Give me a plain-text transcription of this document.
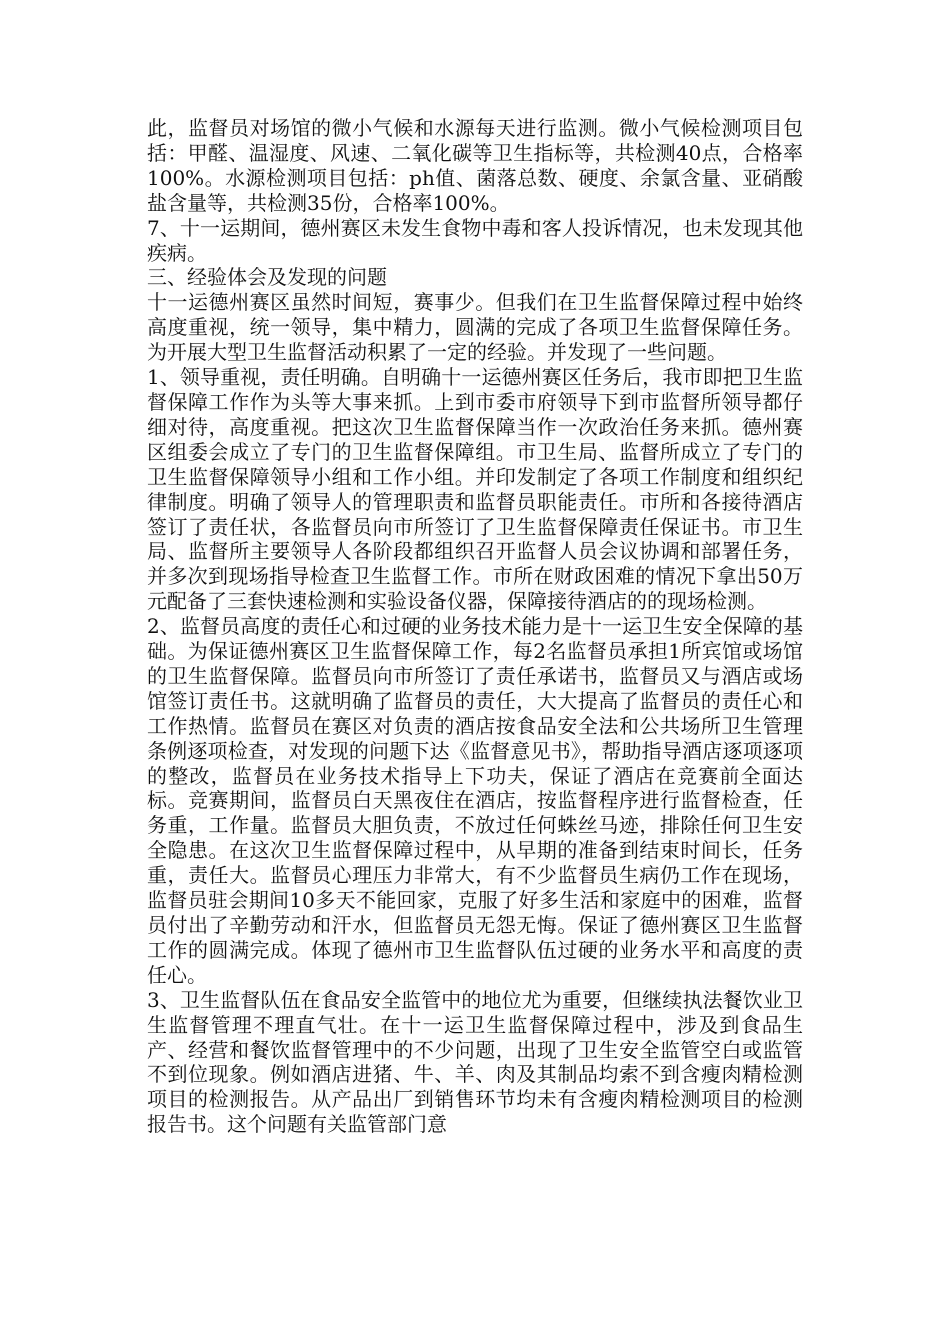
此，监督员对场馆的微小气候和水源每天进行监测。微小气候检测项目包括：甲醛、温湿度、风速、二氧化碳等卫生指标等，共检测40点，合格率100%。水源检测项目包括：ph值、菌落总数、硬度、余氯含量、亚硝酸盐含量等，共检测35份，合格率100%。

7、十一运期间，德州赛区未发生食物中毒和客人投诉情况，也未发现其他疾病。

三、经验体会及发现的问题

十一运德州赛区虽然时间短，赛事少。但我们在卫生监督保障过程中始终高度重视，统一领导，集中精力，圆满的完成了各项卫生监督保障任务。为开展大型卫生监督活动积累了一定的经验。并发现了一些问题。

1、领导重视，责任明确。自明确十一运德州赛区任务后，我市即把卫生监督保障工作作为头等大事来抓。上到市委市府领导下到市监督所领导都仔细对待，高度重视。把这次卫生监督保障当作一次政治任务来抓。德州赛区组委会成立了专门的卫生监督保障组。市卫生局、监督所成立了专门的卫生监督保障领导小组和工作小组。并印发制定了各项工作制度和组织纪律制度。明确了领导人的管理职责和监督员职能责任。市所和各接待酒店签订了责任状，各监督员向市所签订了卫生监督保障责任保证书。市卫生局、监督所主要领导人各阶段都组织召开监督人员会议协调和部署任务，并多次到现场指导检查卫生监督工作。市所在财政困难的情况下拿出50万元配备了三套快速检测和实验设备仪器，保障接待酒店的的现场检测。

2、监督员高度的责任心和过硬的业务技术能力是十一运卫生安全保障的基础。为保证德州赛区卫生监督保障工作，每2名监督员承担1所宾馆或场馆的卫生监督保障。监督员向市所签订了责任承诺书，监督员又与酒店或场馆签订责任书。这就明确了监督员的责任，大大提高了监督员的责任心和工作热情。监督员在赛区对负责的酒店按食品安全法和公共场所卫生管理条例逐项检查，对发现的问题下达《监督意见书》，帮助指导酒店逐项逐项的整改，监督员在业务技术指导上下功夫，保证了酒店在竞赛前全面达标。竞赛期间，监督员白天黑夜住在酒店，按监督程序进行监督检查，任务重，工作量。监督员大胆负责，不放过任何蛛丝马迹，排除任何卫生安全隐患。在这次卫生监督保障过程中，从早期的准备到结束时间长，任务重，责任大。监督员心理压力非常大，有不少监督员生病仍工作在现场，监督员驻会期间10多天不能回家，克服了好多生活和家庭中的困难，监督员付出了辛勤劳动和汗水，但监督员无怨无悔。保证了德州赛区卫生监督工作的圆满完成。体现了德州市卫生监督队伍过硬的业务水平和高度的责任心。

3、卫生监督队伍在食品安全监管中的地位尤为重要，但继续执法餐饮业卫生监督管理不理直气壮。在十一运卫生监督保障过程中，涉及到食品生产、经营和餐饮监督管理中的不少问题，出现了卫生安全监管空白或监管不到位现象。例如酒店进猪、牛、羊、肉及其制品均索不到含瘦肉精检测项目的检测报告。从产品出厂到销售环节均未有含瘦肉精检测项目的检测报告书。这个问题有关监管部门意
